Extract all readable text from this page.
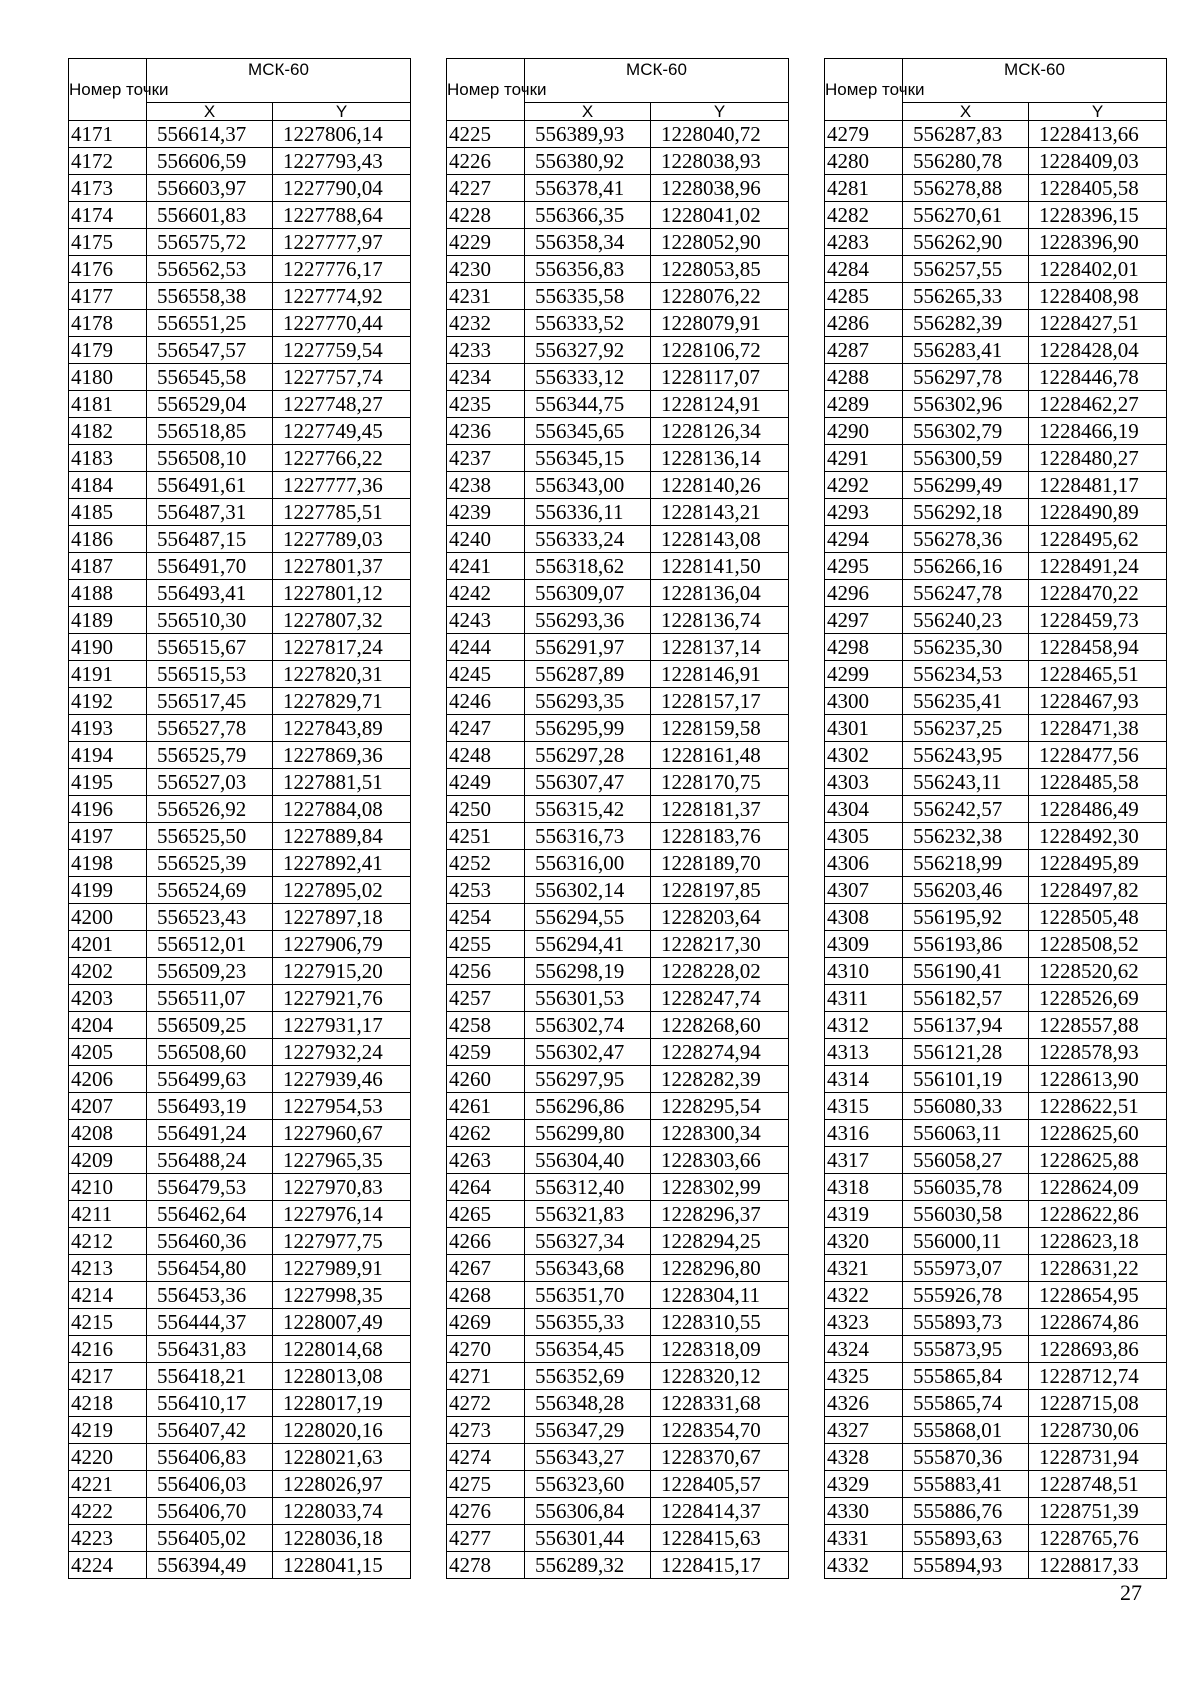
Номер точки	МСК-60	
	X	Y
4171	556614,37	1227806,14
4172	556606,59	1227793,43
4173	556603,97	1227790,04
4174	556601,83	1227788,64
4175	556575,72	1227777,97
4176	556562,53	1227776,17
4177	556558,38	1227774,92
4178	556551,25	1227770,44
4179	556547,57	1227759,54
4180	556545,58	1227757,74
4181	556529,04	1227748,27
4182	556518,85	1227749,45
4183	556508,10	1227766,22
4184	556491,61	1227777,36
4185	556487,31	1227785,51
4186	556487,15	1227789,03
4187	556491,70	1227801,37
4188	556493,41	1227801,12
4189	556510,30	1227807,32
4190	556515,67	1227817,24
4191	556515,53	1227820,31
4192	556517,45	1227829,71
4193	556527,78	1227843,89
4194	556525,79	1227869,36
4195	556527,03	1227881,51
4196	556526,92	1227884,08
4197	556525,50	1227889,84
4198	556525,39	1227892,41
4199	556524,69	1227895,02
4200	556523,43	1227897,18
4201	556512,01	1227906,79
4202	556509,23	1227915,20
4203	556511,07	1227921,76
4204	556509,25	1227931,17
4205	556508,60	1227932,24
4206	556499,63	1227939,46
4207	556493,19	1227954,53
4208	556491,24	1227960,67
4209	556488,24	1227965,35
4210	556479,53	1227970,83
4211	556462,64	1227976,14
4212	556460,36	1227977,75
4213	556454,80	1227989,91
4214	556453,36	1227998,35
4215	556444,37	1228007,49
4216	556431,83	1228014,68
4217	556418,21	1228013,08
4218	556410,17	1228017,19
4219	556407,42	1228020,16
4220	556406,83	1228021,63
4221	556406,03	1228026,97
4222	556406,70	1228033,74
4223	556405,02	1228036,18
4224	556394,49	1228041,15
Номер точки	МСК-60	
	X	Y
4225	556389,93	1228040,72
4226	556380,92	1228038,93
4227	556378,41	1228038,96
4228	556366,35	1228041,02
4229	556358,34	1228052,90
4230	556356,83	1228053,85
4231	556335,58	1228076,22
4232	556333,52	1228079,91
4233	556327,92	1228106,72
4234	556333,12	1228117,07
4235	556344,75	1228124,91
4236	556345,65	1228126,34
4237	556345,15	1228136,14
4238	556343,00	1228140,26
4239	556336,11	1228143,21
4240	556333,24	1228143,08
4241	556318,62	1228141,50
4242	556309,07	1228136,04
4243	556293,36	1228136,74
4244	556291,97	1228137,14
4245	556287,89	1228146,91
4246	556293,35	1228157,17
4247	556295,99	1228159,58
4248	556297,28	1228161,48
4249	556307,47	1228170,75
4250	556315,42	1228181,37
4251	556316,73	1228183,76
4252	556316,00	1228189,70
4253	556302,14	1228197,85
4254	556294,55	1228203,64
4255	556294,41	1228217,30
4256	556298,19	1228228,02
4257	556301,53	1228247,74
4258	556302,74	1228268,60
4259	556302,47	1228274,94
4260	556297,95	1228282,39
4261	556296,86	1228295,54
4262	556299,80	1228300,34
4263	556304,40	1228303,66
4264	556312,40	1228302,99
4265	556321,83	1228296,37
4266	556327,34	1228294,25
4267	556343,68	1228296,80
4268	556351,70	1228304,11
4269	556355,33	1228310,55
4270	556354,45	1228318,09
4271	556352,69	1228320,12
4272	556348,28	1228331,68
4273	556347,29	1228354,70
4274	556343,27	1228370,67
4275	556323,60	1228405,57
4276	556306,84	1228414,37
4277	556301,44	1228415,63
4278	556289,32	1228415,17
Номер точки	МСК-60	
	X	Y
4279	556287,83	1228413,66
4280	556280,78	1228409,03
4281	556278,88	1228405,58
4282	556270,61	1228396,15
4283	556262,90	1228396,90
4284	556257,55	1228402,01
4285	556265,33	1228408,98
4286	556282,39	1228427,51
4287	556283,41	1228428,04
4288	556297,78	1228446,78
4289	556302,96	1228462,27
4290	556302,79	1228466,19
4291	556300,59	1228480,27
4292	556299,49	1228481,17
4293	556292,18	1228490,89
4294	556278,36	1228495,62
4295	556266,16	1228491,24
4296	556247,78	1228470,22
4297	556240,23	1228459,73
4298	556235,30	1228458,94
4299	556234,53	1228465,51
4300	556235,41	1228467,93
4301	556237,25	1228471,38
4302	556243,95	1228477,56
4303	556243,11	1228485,58
4304	556242,57	1228486,49
4305	556232,38	1228492,30
4306	556218,99	1228495,89
4307	556203,46	1228497,82
4308	556195,92	1228505,48
4309	556193,86	1228508,52
4310	556190,41	1228520,62
4311	556182,57	1228526,69
4312	556137,94	1228557,88
4313	556121,28	1228578,93
4314	556101,19	1228613,90
4315	556080,33	1228622,51
4316	556063,11	1228625,60
4317	556058,27	1228625,88
4318	556035,78	1228624,09
4319	556030,58	1228622,86
4320	556000,11	1228623,18
4321	555973,07	1228631,22
4322	555926,78	1228654,95
4323	555893,73	1228674,86
4324	555873,95	1228693,86
4325	555865,84	1228712,74
4326	555865,74	1228715,08
4327	555868,01	1228730,06
4328	555870,36	1228731,94
4329	555883,41	1228748,51
4330	555886,76	1228751,39
4331	555893,63	1228765,76
4332	555894,93	1228817,33
27
